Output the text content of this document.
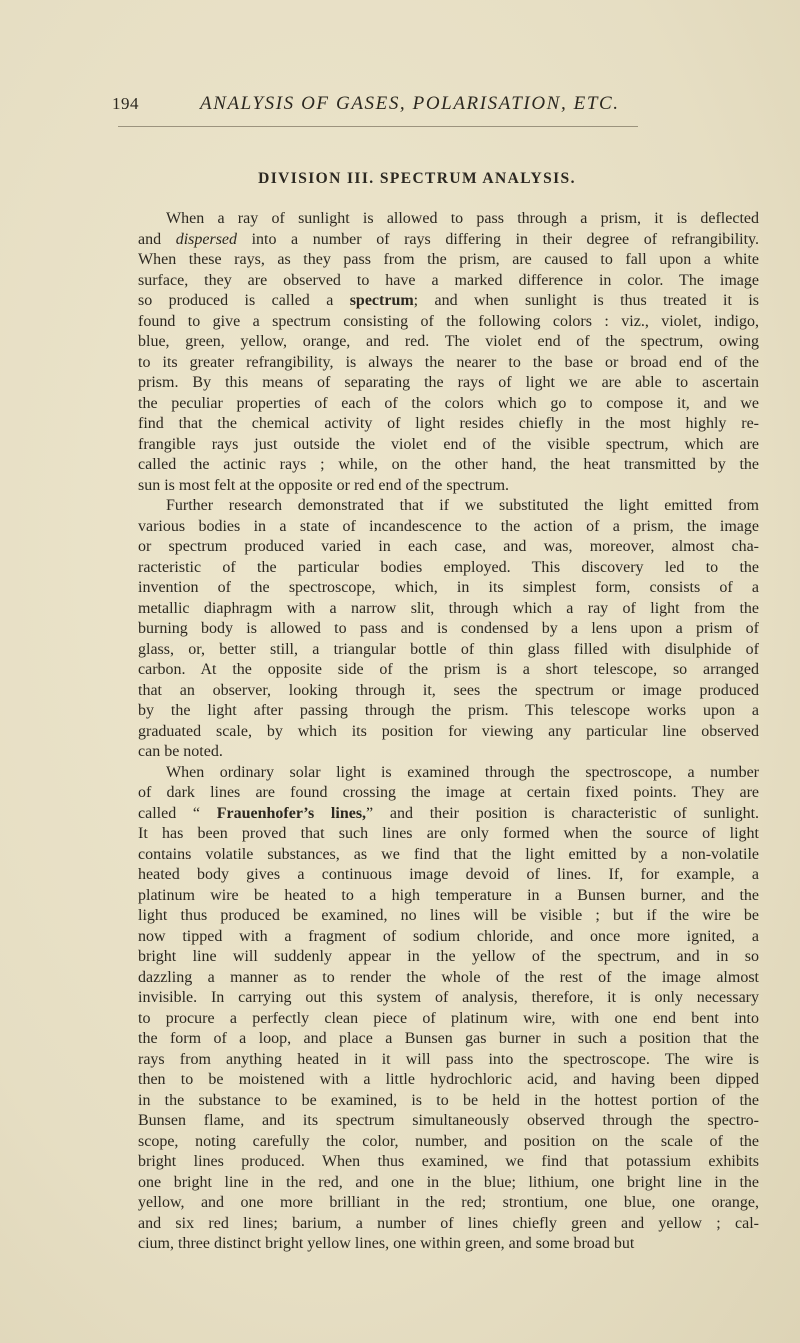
194	ANALYSIS OF GASES, POLARISATION, ETC.
DIVISION III. SPECTRUM ANALYSIS.

When a ray of sunlight is allowed to pass through a prism, it is deflected
and dispersed into a number of rays differing in their degree of refrangibility.
When these rays, as they pass from the prism, are caused to fall upon a white
surface, they are observed to have a marked difference in color. The image
so produced is called a spectrum; and when sunlight is thus treated it is
found to give a spectrum consisting of the following colors : viz., violet, indigo,
blue, green, yellow, orange, and red. The violet end of the spectrum, owing
to its greater refrangibility, is always the nearer to the base or broad end of the
prism. By this means of separating the rays of light we are able to ascertain
the peculiar properties of each of the colors which go to compose it, and we
find that the chemical activity of light resides chiefly in the most highly re-
frangible rays just outside the violet end of the visible spectrum, which are
called the actinic rays ; while, on the other hand, the heat transmitted by the
sun is most felt at the opposite or red end of the spectrum.

Further research demonstrated that if we substituted the light emitted from
various bodies in a state of incandescence to the action of a prism, the image
or spectrum produced varied in each case, and was, moreover, almost cha-
racteristic of the particular bodies employed. This discovery led to the
invention of the spectroscope, which, in its simplest form, consists of a
metallic diaphragm with a narrow slit, through which a ray of light from the
burning body is allowed to pass and is condensed by a lens upon a prism of
glass, or, better still, a triangular bottle of thin glass filled with disulphide of
carbon. At the opposite side of the prism is a short telescope, so arranged
that an observer, looking through it, sees the spectrum or image produced
by the light after passing through the prism. This telescope works upon a
graduated scale, by which its position for viewing any particular line observed
can be noted.

When ordinary solar light is examined through the spectroscope, a number
of dark lines are found crossing the image at certain fixed points. They are
called “ Frauenhofer’s lines,” and their position is characteristic of sunlight.
It has been proved that such lines are only formed when the source of light
contains volatile substances, as we find that the light emitted by a non-volatile
heated body gives a continuous image devoid of lines. If, for example, a
platinum wire be heated to a high temperature in a Bunsen burner, and the
light thus produced be examined, no lines will be visible ; but if the wire be
now tipped with a fragment of sodium chloride, and once more ignited, a
bright line will suddenly appear in the yellow of the spectrum, and in so
dazzling a manner as to render the whole of the rest of the image almost
invisible. In carrying out this system of analysis, therefore, it is only necessary
to procure a perfectly clean piece of platinum wire, with one end bent into
the form of a loop, and place a Bunsen gas burner in such a position that the
rays from anything heated in it will pass into the spectroscope. The wire is
then to be moistened with a little hydrochloric acid, and having been dipped
in the substance to be examined, is to be held in the hottest portion of the
Bunsen flame, and its spectrum simultaneously observed through the spectro-
scope, noting carefully the color, number, and position on the scale of the
bright lines produced. When thus examined, we find that potassium exhibits
one bright line in the red, and one in the blue; lithium, one bright line in the
yellow, and one more brilliant in the red; strontium, one blue, one orange,
and six red lines; barium, a number of lines chiefly green and yellow ; cal-
cium, three distinct bright yellow lines, one within green, and some broad but
